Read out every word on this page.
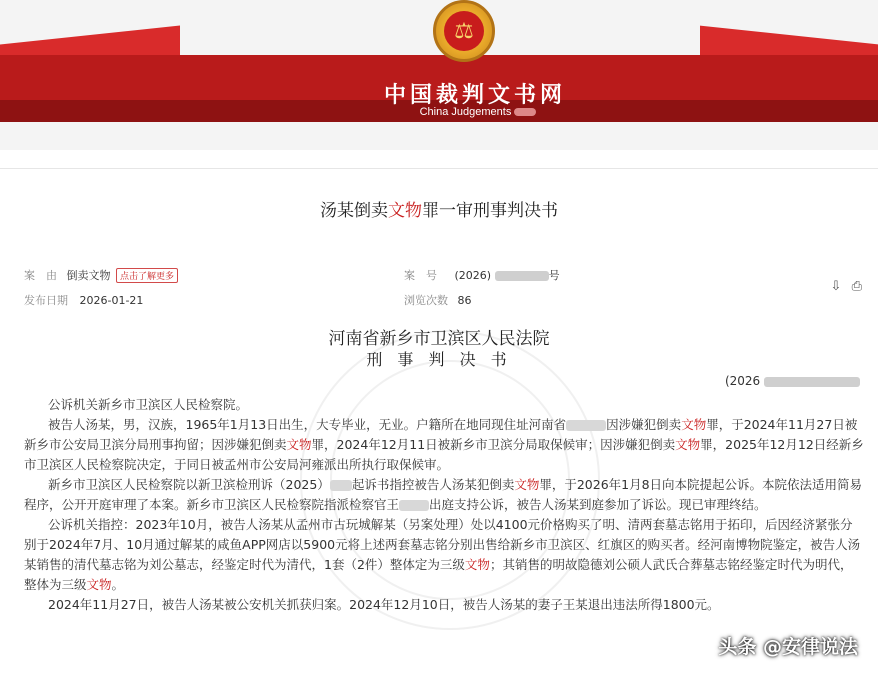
⚖
中国裁判文书网
China Judgements
汤某倒卖文物罪一审刑事判决书
案　由 倒卖文物 点击了解更多	案　号 (2026)	号
发布日期 2026-01-21	浏览次数 86
⇩ ⎙
河南省新乡市卫滨区人民法院
刑 事 判 决 书
(2026

公诉机关新乡市卫滨区人民检察院。

被告人汤某，男，汉族，1965年1月13日出生，大专毕业，无业。户籍所在地同现住址河南省	因涉嫌犯倒卖文物罪，于2024年11月27日被新乡市公安局卫滨分局刑事拘留；因涉嫌犯倒卖文物罪，2024年12月11日被新乡市卫滨分局取保候审；因涉嫌犯倒卖文物罪，2025年12月12日经新乡市卫滨区人民检察院决定，于同日被孟州市公安局河雍派出所执行取保候审。

新乡市卫滨区人民检察院以新卫滨检刑诉（2025） 起诉书指控被告人汤某犯倒卖文物罪，于2026年1月8日向本院提起公诉。本院依法适用简易程序，公开开庭审理了本案。新乡市卫滨区人民检察院指派检察官王 出庭支持公诉，被告人汤某到庭参加了诉讼。现已审理终结。

公诉机关指控：2023年10月，被告人汤某从孟州市古玩城解某（另案处理）处以4100元价格购买了明、清两套墓志铭用于拓印，后因经济紧张分别于2024年7月、10月通过解某的咸鱼APP网店以5900元将上述两套墓志铭分别出售给新乡市卫滨区、红旗区的购买者。经河南博物院鉴定，被告人汤某销售的清代墓志铭为刘公墓志，经鉴定时代为清代，1套（2件）整体定为三级文物；其销售的明故隐德刘公硕人武氏合葬墓志铭经鉴定时代为明代，整体为三级文物。

2024年11月27日，被告人汤某被公安机关抓获归案。2024年12月10日，被告人汤某的妻子王某退出违法所得1800元。

头条 @安律说法
